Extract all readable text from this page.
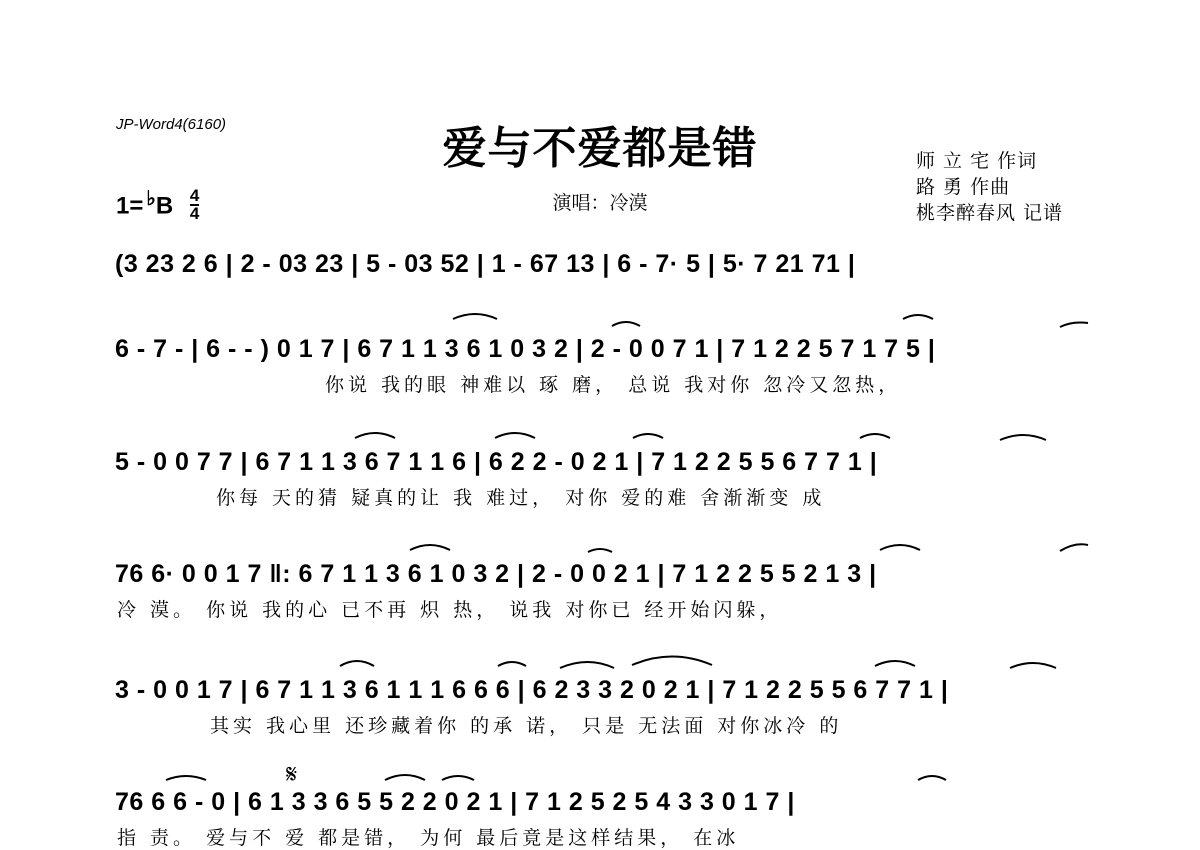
JP-Word4(6160)	爱与不爱都是错
演唱：冷漠
师 立 宅 作词
路 勇 作曲
桃李醉春风 记谱
$1= ^♭B \frac{4}{4}$
(3 23 2 6 | 2 - 03 23 | 5 - 03 52 | 1 - 67 13 | 6 - 7· 5 | 5· 7 21 71 |
6 - 7 - | 6 - - ) 0 1 7 | 6 7 1 1 3 6 1 0 3 2 | 2 - 0 0 7 1 | 7 1 2 2 5 7 1 7 5 |
你说 我的眼 神难以 琢 磨， 总说 我对你 忽冷又忽热，
5 - 0 0 7 7 | 6 7 1 1 3 6 7 1 1 6 | 6 2 2 - 0 2 1 | 7 1 2 2 5 5 6 7 7 1 |
你每 天的猜 疑真的让 我 难过， 对你 爱的难 舍渐渐变 成
76 6· 0 0 1 7 ‖: 6 7 1 1 3 6 1 0 3 2 | 2 - 0 0 2 1 | 7 1 2 2 5 5 2 1 3 |
冷 漠。 你说 我的心 已不再 炽 热， 说我 对你已 经开始闪躲，
3 - 0 0 1 7 | 6 7 1 1 3 6 1 1 1 6 6 6 | 6 2 3 3 2 0 2 1 | 7 1 2 2 5 5 6 7 7 1 |
其实 我心里 还珍藏着你 的承 诺， 只是 无法面 对你冰冷 的
𝄋
76 6 6 - 0 | 6 1 3 3 6 5 5 2 2 0 2 1 | 7 1 2 5 2 5 4 3 3 0 1 7 |
指 责。 爱与不 爱 都是错， 为何 最后竟是这样结果， 在冰
